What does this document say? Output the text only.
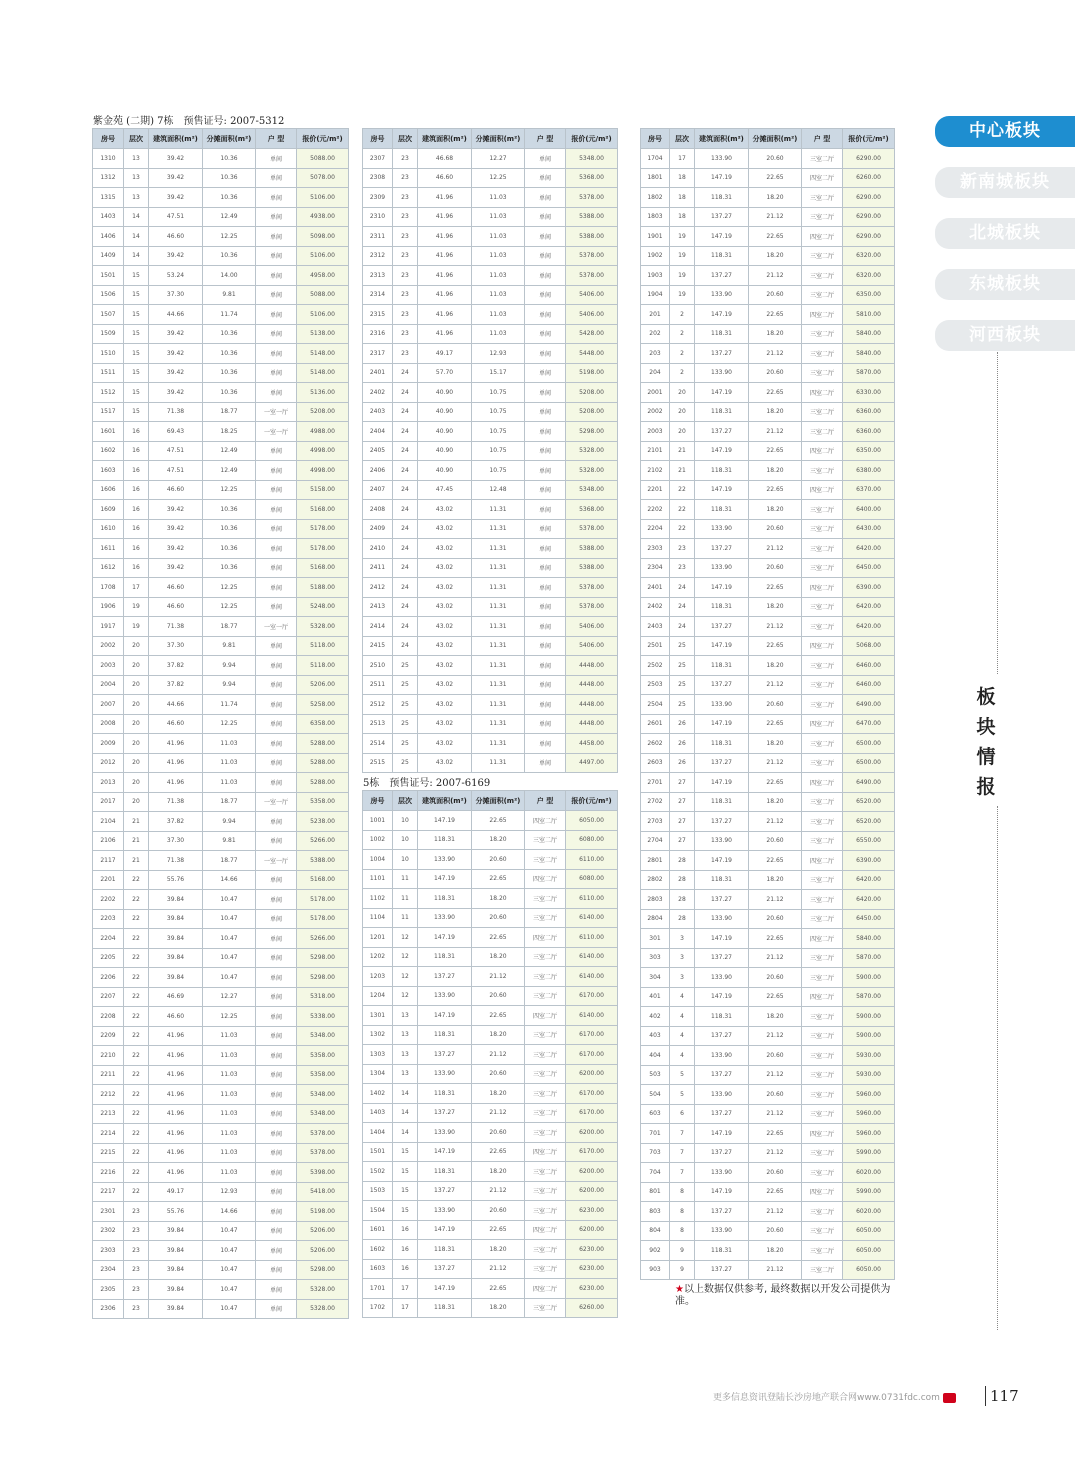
紫金苑 (二期) 7栋　预售证号: 2007-5312
房号	层次	建筑面积(m²)	分摊面积(m²)	户 型	报价(元/m²)
1310	13	39.42	10.36	单间	5088.00
1312	13	39.42	10.36	单间	5078.00
1315	13	39.42	10.36	单间	5106.00
1403	14	47.51	12.49	单间	4938.00
1406	14	46.60	12.25	单间	5098.00
1409	14	39.42	10.36	单间	5106.00
1501	15	53.24	14.00	单间	4958.00
1506	15	37.30	9.81	单间	5088.00
1507	15	44.66	11.74	单间	5106.00
1509	15	39.42	10.36	单间	5138.00
1510	15	39.42	10.36	单间	5148.00
1511	15	39.42	10.36	单间	5148.00
1512	15	39.42	10.36	单间	5136.00
1517	15	71.38	18.77	一室一厅	5208.00
1601	16	69.43	18.25	一室一厅	4988.00
1602	16	47.51	12.49	单间	4998.00
1603	16	47.51	12.49	单间	4998.00
1606	16	46.60	12.25	单间	5158.00
1609	16	39.42	10.36	单间	5168.00
1610	16	39.42	10.36	单间	5178.00
1611	16	39.42	10.36	单间	5178.00
1612	16	39.42	10.36	单间	5168.00
1708	17	46.60	12.25	单间	5188.00
1906	19	46.60	12.25	单间	5248.00
1917	19	71.38	18.77	一室一厅	5328.00
2002	20	37.30	9.81	单间	5118.00
2003	20	37.82	9.94	单间	5118.00
2004	20	37.82	9.94	单间	5206.00
2007	20	44.66	11.74	单间	5258.00
2008	20	46.60	12.25	单间	6358.00
2009	20	41.96	11.03	单间	5288.00
2012	20	41.96	11.03	单间	5288.00
2013	20	41.96	11.03	单间	5288.00
2017	20	71.38	18.77	一室一厅	5358.00
2104	21	37.82	9.94	单间	5238.00
2106	21	37.30	9.81	单间	5266.00
2117	21	71.38	18.77	一室一厅	5388.00
2201	22	55.76	14.66	单间	5168.00
2202	22	39.84	10.47	单间	5178.00
2203	22	39.84	10.47	单间	5178.00
2204	22	39.84	10.47	单间	5266.00
2205	22	39.84	10.47	单间	5298.00
2206	22	39.84	10.47	单间	5298.00
2207	22	46.69	12.27	单间	5318.00
2208	22	46.60	12.25	单间	5338.00
2209	22	41.96	11.03	单间	5348.00
2210	22	41.96	11.03	单间	5358.00
2211	22	41.96	11.03	单间	5358.00
2212	22	41.96	11.03	单间	5348.00
2213	22	41.96	11.03	单间	5348.00
2214	22	41.96	11.03	单间	5378.00
2215	22	41.96	11.03	单间	5378.00
2216	22	41.96	11.03	单间	5398.00
2217	22	49.17	12.93	单间	5418.00
2301	23	55.76	14.66	单间	5198.00
2302	23	39.84	10.47	单间	5206.00
2303	23	39.84	10.47	单间	5206.00
2304	23	39.84	10.47	单间	5298.00
2305	23	39.84	10.47	单间	5328.00
2306	23	39.84	10.47	单间	5328.00
房号	层次	建筑面积(m²)	分摊面积(m²)	户 型	报价(元/m²)
2307	23	46.68	12.27	单间	5348.00
2308	23	46.60	12.25	单间	5368.00
2309	23	41.96	11.03	单间	5378.00
2310	23	41.96	11.03	单间	5388.00
2311	23	41.96	11.03	单间	5388.00
2312	23	41.96	11.03	单间	5378.00
2313	23	41.96	11.03	单间	5378.00
2314	23	41.96	11.03	单间	5406.00
2315	23	41.96	11.03	单间	5406.00
2316	23	41.96	11.03	单间	5428.00
2317	23	49.17	12.93	单间	5448.00
2401	24	57.70	15.17	单间	5198.00
2402	24	40.90	10.75	单间	5208.00
2403	24	40.90	10.75	单间	5208.00
2404	24	40.90	10.75	单间	5298.00
2405	24	40.90	10.75	单间	5328.00
2406	24	40.90	10.75	单间	5328.00
2407	24	47.45	12.48	单间	5348.00
2408	24	43.02	11.31	单间	5368.00
2409	24	43.02	11.31	单间	5378.00
2410	24	43.02	11.31	单间	5388.00
2411	24	43.02	11.31	单间	5388.00
2412	24	43.02	11.31	单间	5378.00
2413	24	43.02	11.31	单间	5378.00
2414	24	43.02	11.31	单间	5406.00
2415	24	43.02	11.31	单间	5406.00
2510	25	43.02	11.31	单间	4448.00
2511	25	43.02	11.31	单间	4448.00
2512	25	43.02	11.31	单间	4448.00
2513	25	43.02	11.31	单间	4448.00
2514	25	43.02	11.31	单间	4458.00
2515	25	43.02	11.31	单间	4497.00
5栋　预售证号: 2007-6169
房号	层次	建筑面积(m²)	分摊面积(m²)	户 型	报价(元/m²)
1001	10	147.19	22.65	四室二厅	6050.00
1002	10	118.31	18.20	三室二厅	6080.00
1004	10	133.90	20.60	三室二厅	6110.00
1101	11	147.19	22.65	四室二厅	6080.00
1102	11	118.31	18.20	三室二厅	6110.00
1104	11	133.90	20.60	三室二厅	6140.00
1201	12	147.19	22.65	四室二厅	6110.00
1202	12	118.31	18.20	三室二厅	6140.00
1203	12	137.27	21.12	三室二厅	6140.00
1204	12	133.90	20.60	三室二厅	6170.00
1301	13	147.19	22.65	四室二厅	6140.00
1302	13	118.31	18.20	三室二厅	6170.00
1303	13	137.27	21.12	三室二厅	6170.00
1304	13	133.90	20.60	三室二厅	6200.00
1402	14	118.31	18.20	三室二厅	6170.00
1403	14	137.27	21.12	三室二厅	6170.00
1404	14	133.90	20.60	三室二厅	6200.00
1501	15	147.19	22.65	四室二厅	6170.00
1502	15	118.31	18.20	三室二厅	6200.00
1503	15	137.27	21.12	三室二厅	6200.00
1504	15	133.90	20.60	三室二厅	6230.00
1601	16	147.19	22.65	四室二厅	6200.00
1602	16	118.31	18.20	三室二厅	6230.00
1603	16	137.27	21.12	三室二厅	6230.00
1701	17	147.19	22.65	四室二厅	6230.00
1702	17	118.31	18.20	三室二厅	6260.00
房号	层次	建筑面积(m²)	分摊面积(m²)	户 型	报价(元/m²)
1704	17	133.90	20.60	三室二厅	6290.00
1801	18	147.19	22.65	四室二厅	6260.00
1802	18	118.31	18.20	三室二厅	6290.00
1803	18	137.27	21.12	三室二厅	6290.00
1901	19	147.19	22.65	四室二厅	6290.00
1902	19	118.31	18.20	三室二厅	6320.00
1903	19	137.27	21.12	三室二厅	6320.00
1904	19	133.90	20.60	三室二厅	6350.00
201	2	147.19	22.65	四室二厅	5810.00
202	2	118.31	18.20	三室二厅	5840.00
203	2	137.27	21.12	三室二厅	5840.00
204	2	133.90	20.60	三室二厅	5870.00
2001	20	147.19	22.65	四室二厅	6330.00
2002	20	118.31	18.20	三室二厅	6360.00
2003	20	137.27	21.12	三室二厅	6360.00
2101	21	147.19	22.65	四室二厅	6350.00
2102	21	118.31	18.20	三室二厅	6380.00
2201	22	147.19	22.65	四室二厅	6370.00
2202	22	118.31	18.20	三室二厅	6400.00
2204	22	133.90	20.60	三室二厅	6430.00
2303	23	137.27	21.12	三室二厅	6420.00
2304	23	133.90	20.60	三室二厅	6450.00
2401	24	147.19	22.65	四室二厅	6390.00
2402	24	118.31	18.20	三室二厅	6420.00
2403	24	137.27	21.12	三室二厅	6420.00
2501	25	147.19	22.65	四室二厅	5068.00
2502	25	118.31	18.20	三室二厅	6460.00
2503	25	137.27	21.12	三室二厅	6460.00
2504	25	133.90	20.60	三室二厅	6490.00
2601	26	147.19	22.65	四室二厅	6470.00
2602	26	118.31	18.20	三室二厅	6500.00
2603	26	137.27	21.12	三室二厅	6500.00
2701	27	147.19	22.65	四室二厅	6490.00
2702	27	118.31	18.20	三室二厅	6520.00
2703	27	137.27	21.12	三室二厅	6520.00
2704	27	133.90	20.60	三室二厅	6550.00
2801	28	147.19	22.65	四室二厅	6390.00
2802	28	118.31	18.20	三室二厅	6420.00
2803	28	137.27	21.12	三室二厅	6420.00
2804	28	133.90	20.60	三室二厅	6450.00
301	3	147.19	22.65	四室二厅	5840.00
303	3	137.27	21.12	三室二厅	5870.00
304	3	133.90	20.60	三室二厅	5900.00
401	4	147.19	22.65	四室二厅	5870.00
402	4	118.31	18.20	三室二厅	5900.00
403	4	137.27	21.12	三室二厅	5900.00
404	4	133.90	20.60	三室二厅	5930.00
503	5	137.27	21.12	三室二厅	5930.00
504	5	133.90	20.60	三室二厅	5960.00
603	6	137.27	21.12	三室二厅	5960.00
701	7	147.19	22.65	四室二厅	5960.00
703	7	137.27	21.12	三室二厅	5990.00
704	7	133.90	20.60	三室二厅	6020.00
801	8	147.19	22.65	四室二厅	5990.00
803	8	137.27	21.12	三室二厅	6020.00
804	8	133.90	20.60	三室二厅	6050.00
902	9	118.31	18.20	三室二厅	6050.00
903	9	137.27	21.12	三室二厅	6050.00
★以上数据仅供参考, 最终数据以开发公司提供为准。
中心板块
新南城板块
北城板块
东城板块
河西板块
板
块
情
报
更多信息资讯登陆长沙房地产联合网www.0731fdc.com	117
